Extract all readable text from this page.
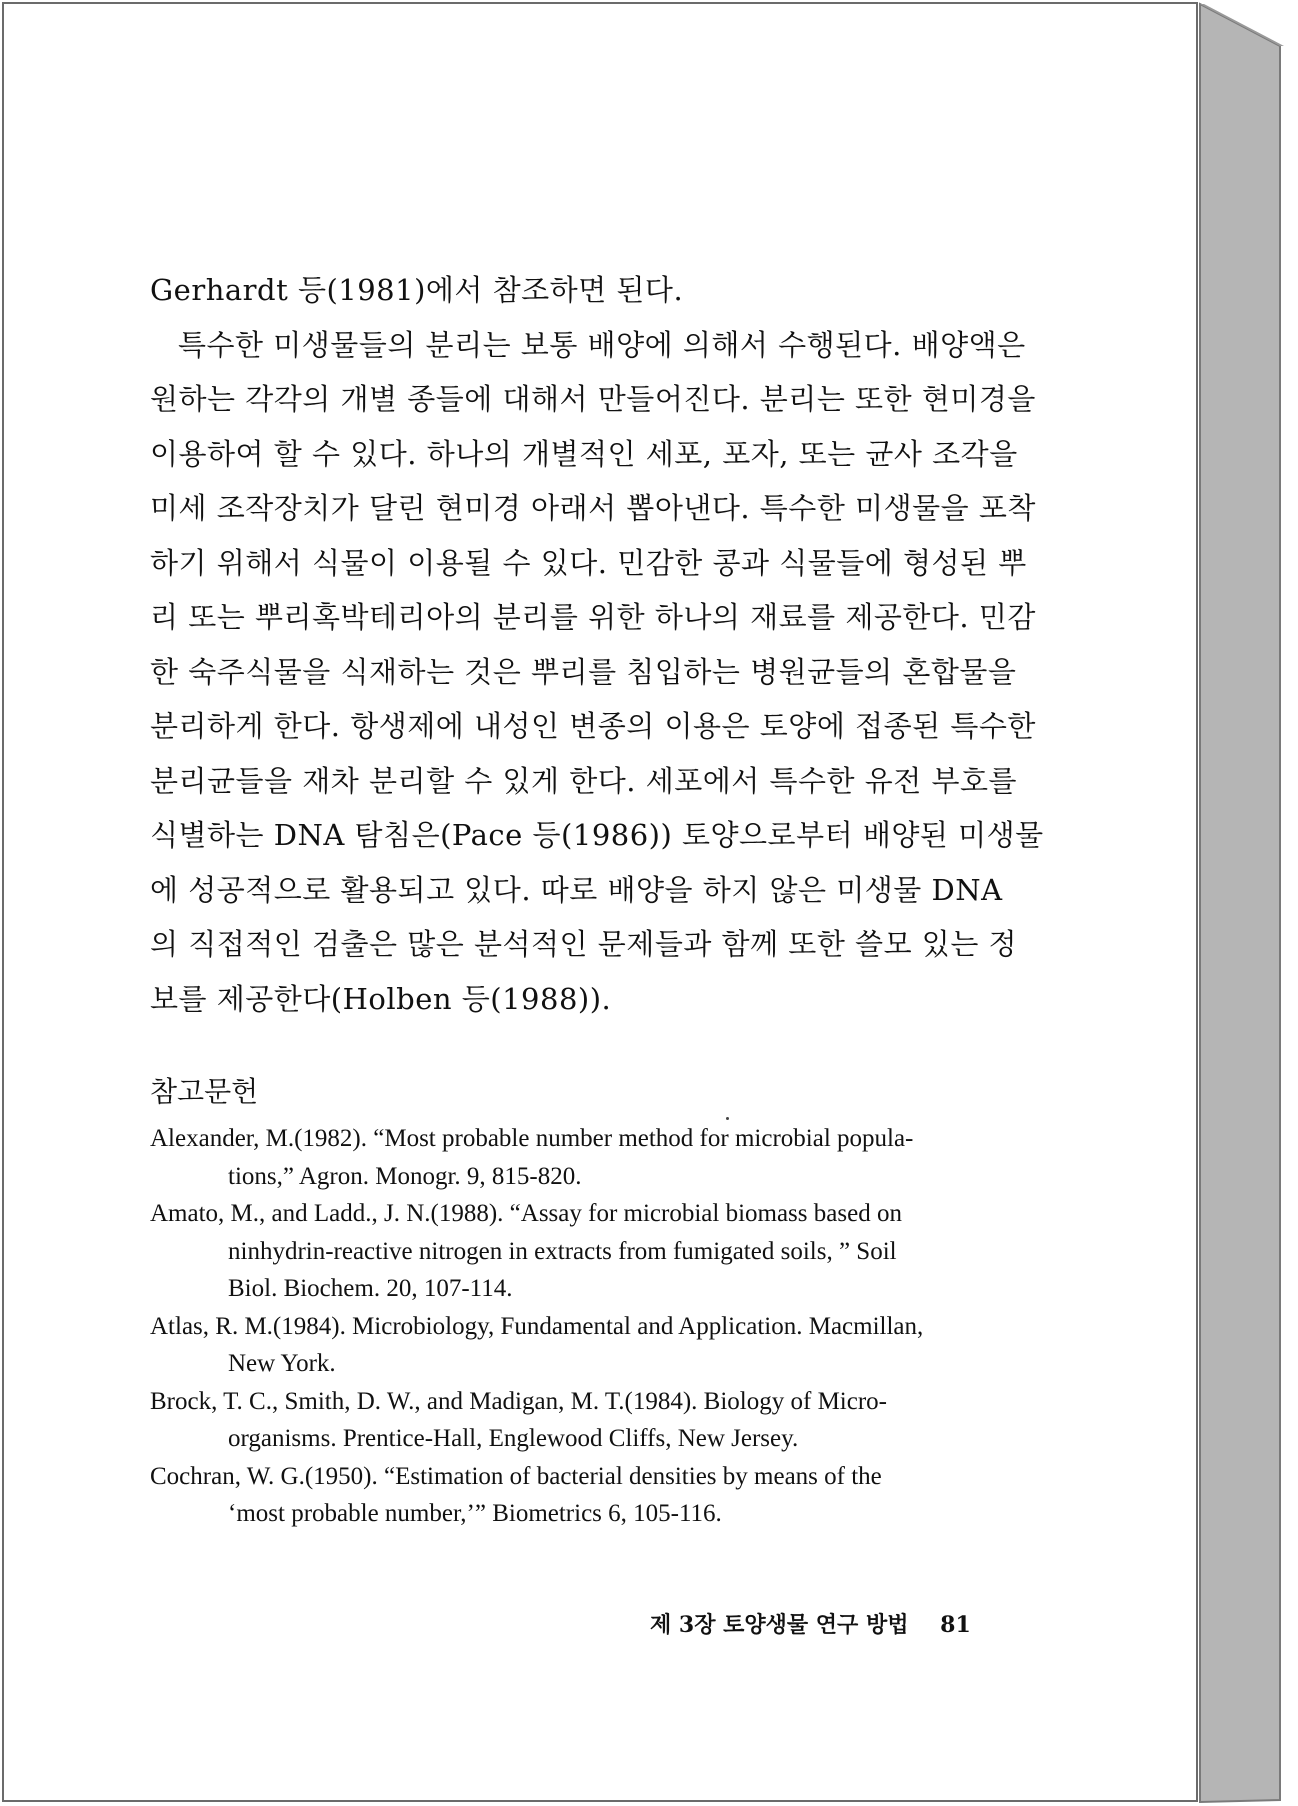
Gerhardt 등(1981)에서 참조하면 된다.
특수한 미생물들의 분리는 보통 배양에 의해서 수행된다. 배양액은
원하는 각각의 개별 종들에 대해서 만들어진다. 분리는 또한 현미경을
이용하여 할 수 있다. 하나의 개별적인 세포, 포자, 또는 균사 조각을
미세 조작장치가 달린 현미경 아래서 뽑아낸다. 특수한 미생물을 포착
하기 위해서 식물이 이용될 수 있다. 민감한 콩과 식물들에 형성된 뿌
리 또는 뿌리혹박테리아의 분리를 위한 하나의 재료를 제공한다. 민감
한 숙주식물을 식재하는 것은 뿌리를 침입하는 병원균들의 혼합물을
분리하게 한다. 항생제에 내성인 변종의 이용은 토양에 접종된 특수한
분리균들을 재차 분리할 수 있게 한다. 세포에서 특수한 유전 부호를
식별하는 DNA 탐침은(Pace 등(1986)) 토양으로부터 배양된 미생물
에 성공적으로 활용되고 있다. 따로 배양을 하지 않은 미생물 DNA
의 직접적인 검출은 많은 분석적인 문제들과 함께 또한 쓸모 있는 정
보를 제공한다(Holben 등(1988)).
참고문헌
Alexander, M.(1982). “Most probable number method for microbial popula-
tions,” Agron. Monogr. 9, 815-820.
Amato, M., and Ladd., J. N.(1988). “Assay for microbial biomass based on
ninhydrin-reactive nitrogen in extracts from fumigated soils, ” Soil
Biol. Biochem. 20, 107-114.
Atlas, R. M.(1984). Microbiology, Fundamental and Application. Macmillan,
New York.
Brock, T. C., Smith, D. W., and Madigan, M. T.(1984). Biology of Micro-
organisms. Prentice-Hall, Englewood Cliffs, New Jersey.
Cochran, W. G.(1950). “Estimation of bacterial densities by means of the
‘most probable number,’” Biometrics 6, 105-116.
제 3장 토양생물 연구 방법 81
